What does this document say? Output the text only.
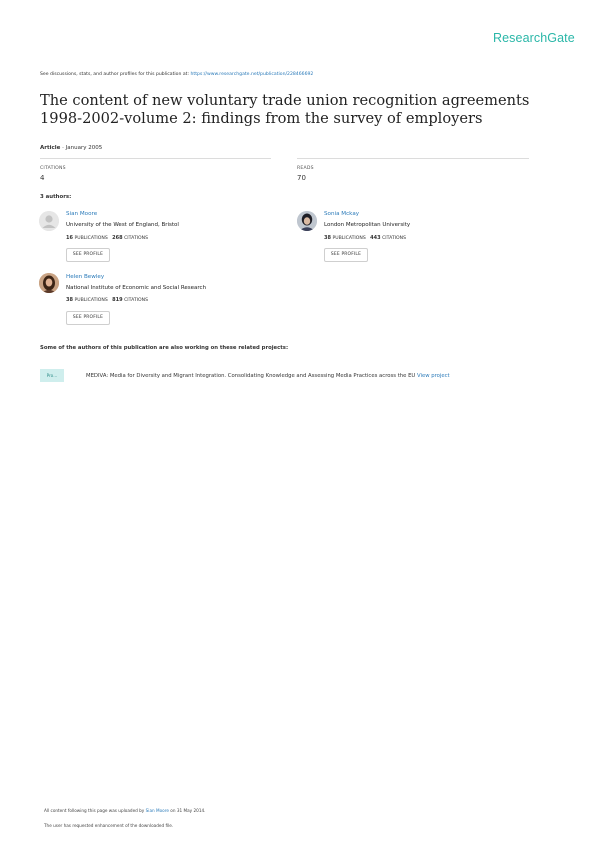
ResearchGate
See discussions, stats, and author profiles for this publication at: https://www.researchgate.net/publication/228466692
The content of new voluntary trade union recognition agreements 1998-2002-volume 2: findings from the survey of employers
Article · January 2005
CITATIONS
4
READS
70
3 authors:
Sian Moore
University of the West of England, Bristol
16 PUBLICATIONS 268 CITATIONS
SEE PROFILE
Sonia Mckay
London Metropolitan University
38 PUBLICATIONS 443 CITATIONS
SEE PROFILE
Helen Bewley
National Institute of Economic and Social Research
38 PUBLICATIONS 819 CITATIONS
SEE PROFILE
Some of the authors of this publication are also working on these related projects:
Pro…	MEDIVA: Media for Diversity and Migrant Integration. Consolidating Knowledge and Assessing Media Practices across the EU View project
All content following this page was uploaded by Sian Moore on 31 May 2014.
The user has requested enhancement of the downloaded file.
